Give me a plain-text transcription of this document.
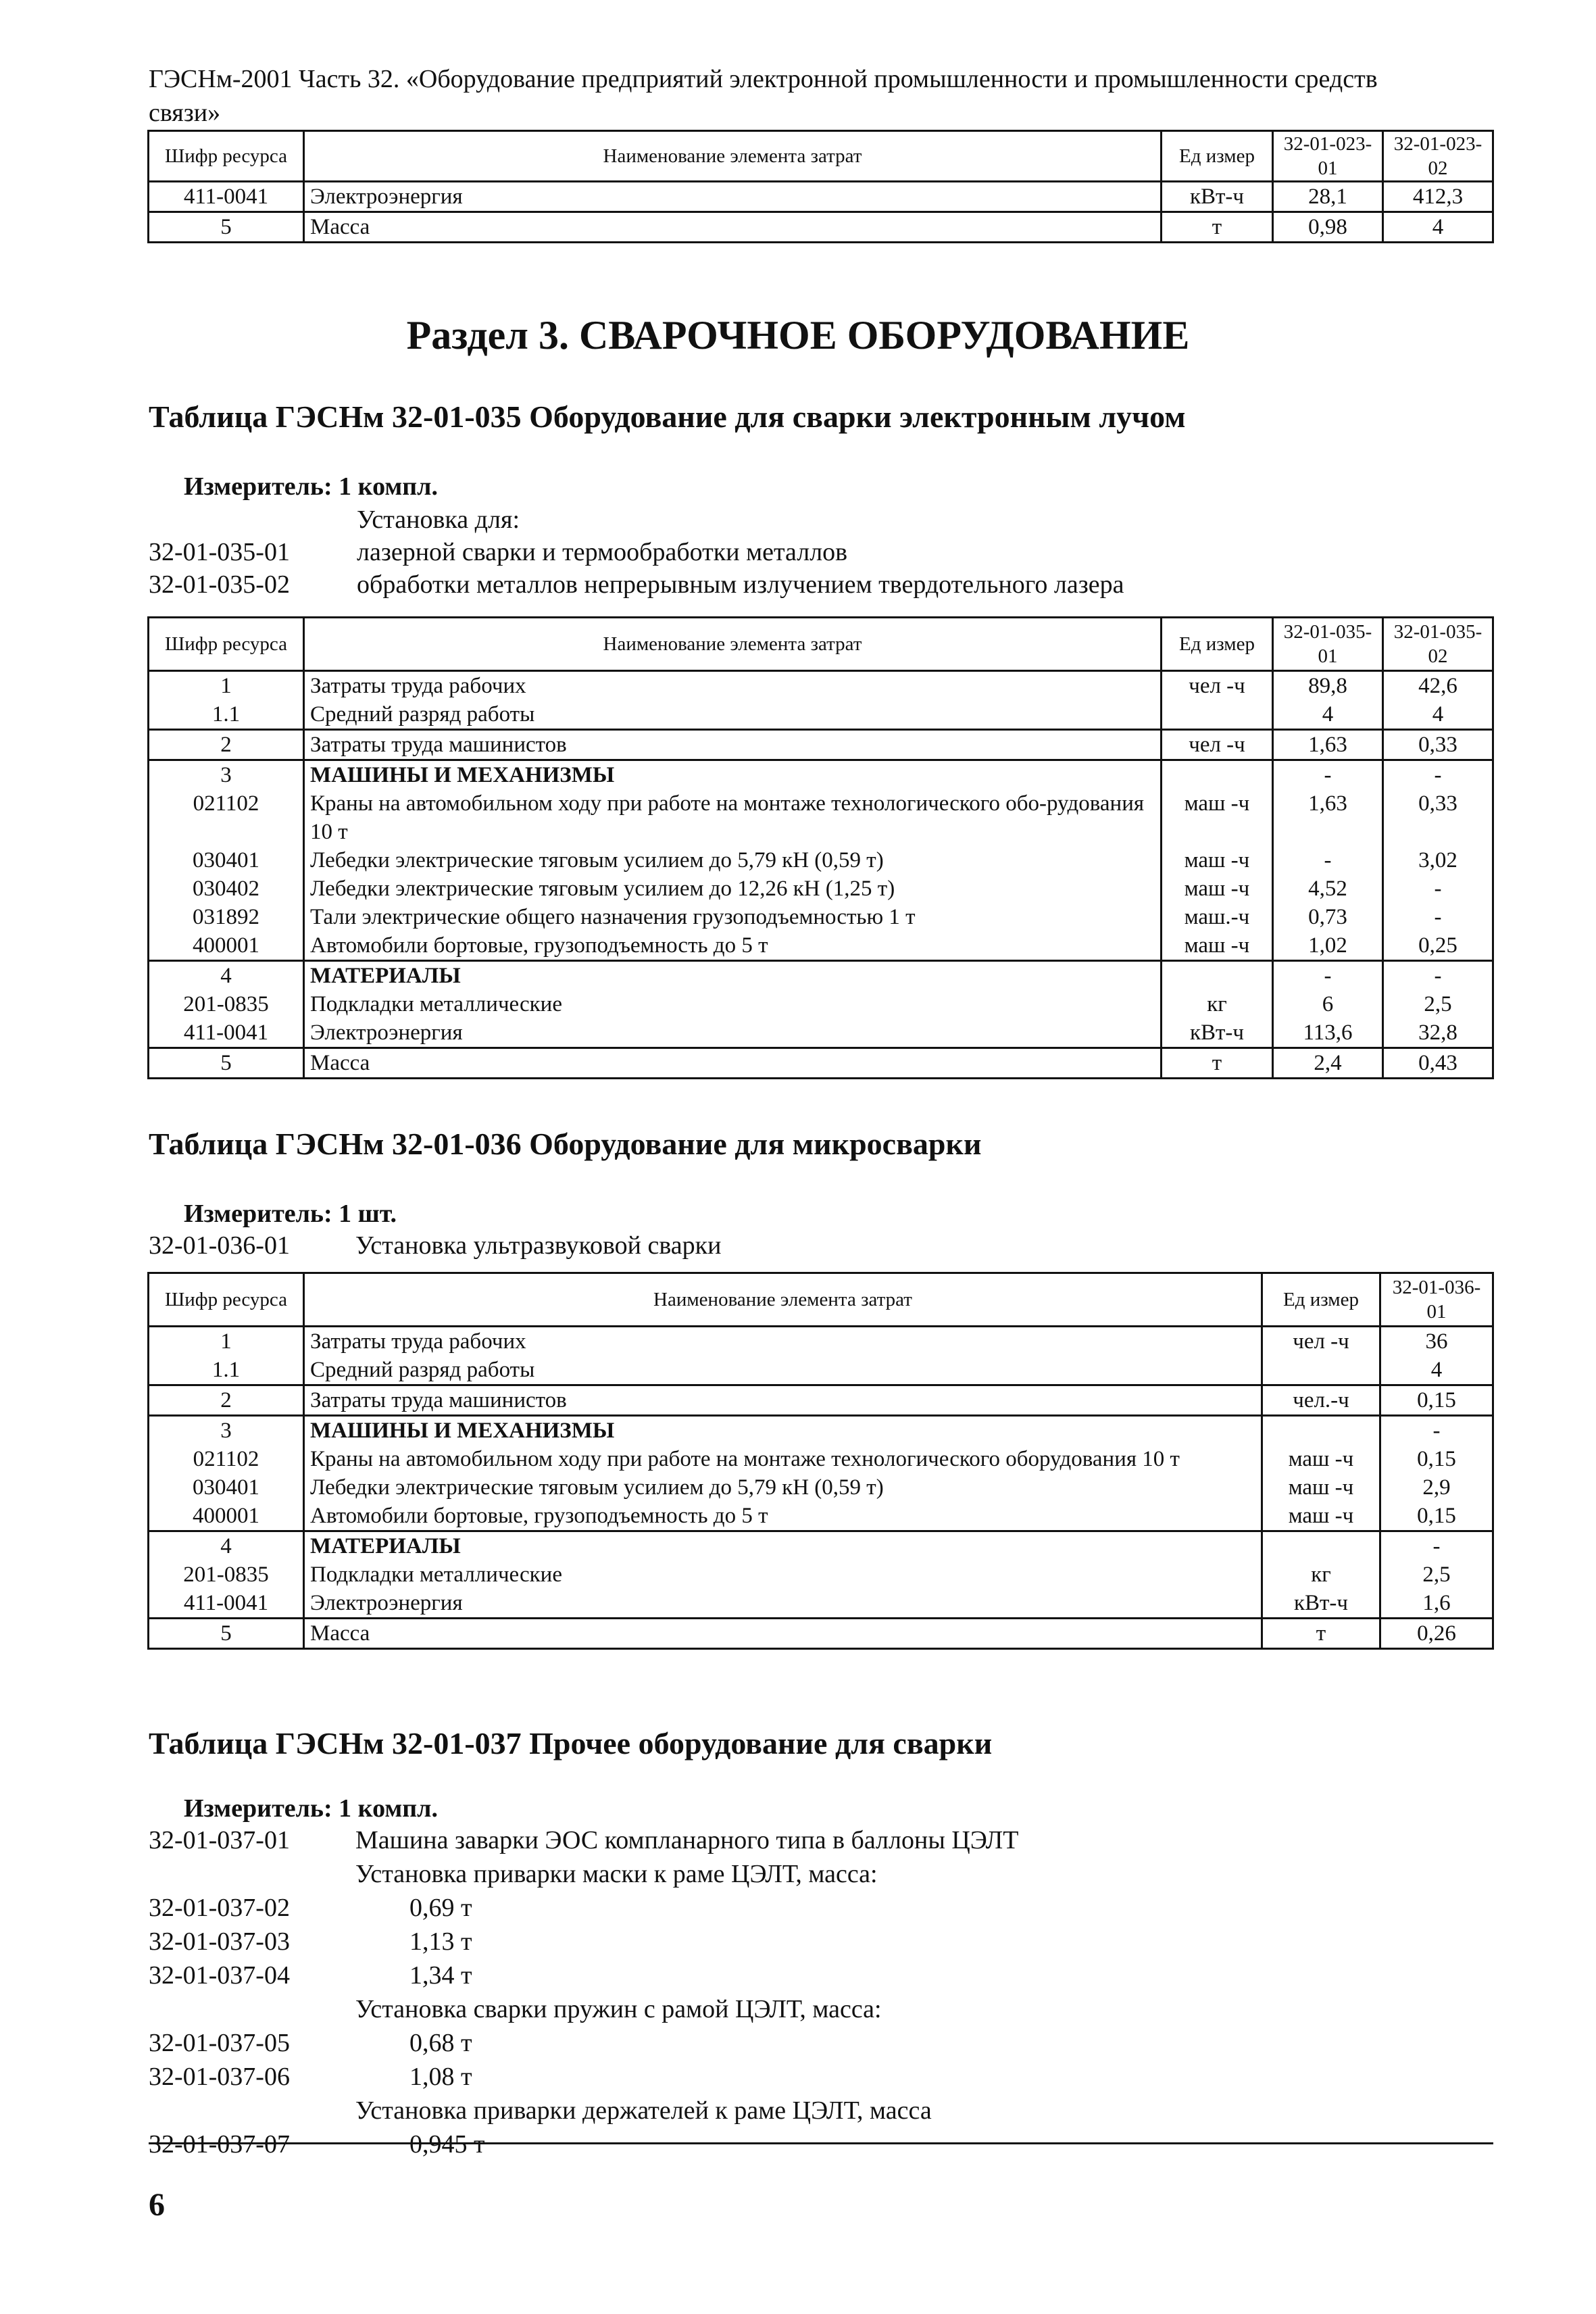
ГЭСНм-2001 Часть 32. «Оборудование предприятий электронной промышленности и промышленности средств
связи»
Шифр ресурса	Наименование элемента затрат	Ед измер	32-01-023-01	32-01-023-02
411-0041	Электроэнергия	кВт-ч	28,1	412,3
5	Масса	т	0,98	4
Раздел 3. СВАРОЧНОЕ ОБОРУДОВАНИЕ
Таблица ГЭСНм 32-01-035 Оборудование для сварки электронным лучом
Измеритель: 1 компл.
Установка для:
32-01-035-01	лазерной сварки и термообработки металлов
32-01-035-02	обработки металлов непрерывным излучением твердотельного лазера
Шифр ресурса	Наименование элемента затрат	Ед измер	32-01-035-01	32-01-035-02
1	Затраты труда рабочих	чел -ч	89,8	42,6
1.1	Средний разряд работы		4	4
2	Затраты труда машинистов	чел -ч	1,63	0,33
3	МАШИНЫ И МЕХАНИЗМЫ		-	-
021102	Краны на автомобильном ходу при работе на монтаже технологического обо-рудования 10 т	маш -ч	1,63	0,33
030401	Лебедки электрические тяговым усилием до 5,79 кН (0,59 т)	маш -ч	-	3,02
030402	Лебедки электрические тяговым усилием до 12,26 кН (1,25 т)	маш -ч	4,52	-
031892	Тали электрические общего назначения грузоподъемностью 1 т	маш.-ч	0,73	-
400001	Автомобили бортовые, грузоподъемность до 5 т	маш -ч	1,02	0,25
4	МАТЕРИАЛЫ		-	-
201-0835	Подкладки металлические	кг	6	2,5
411-0041	Электроэнергия	кВт-ч	113,6	32,8
5	Масса	т	2,4	0,43
Таблица ГЭСНм 32-01-036 Оборудование для микросварки
Измеритель: 1 шт.
32-01-036-01	Установка ультразвуковой сварки
Шифр ресурса	Наименование элемента затрат	Ед измер	32-01-036-01
1	Затраты труда рабочих	чел -ч	36
1.1	Средний разряд работы		4
2	Затраты труда машинистов	чел.-ч	0,15
3	МАШИНЫ И МЕХАНИЗМЫ		-
021102	Краны на автомобильном ходу при работе на монтаже технологического оборудования 10 т	маш -ч	0,15
030401	Лебедки электрические тяговым усилием до 5,79 кН (0,59 т)	маш -ч	2,9
400001	Автомобили бортовые, грузоподъемность до 5 т	маш -ч	0,15
4	МАТЕРИАЛЫ		-
201-0835	Подкладки металлические	кг	2,5
411-0041	Электроэнергия	кВт-ч	1,6
5	Масса	т	0,26
Таблица ГЭСНм 32-01-037 Прочее оборудование для сварки
Измеритель: 1 компл.
32-01-037-01	Машина заварки ЭОС компланарного типа в баллоны ЦЭЛТ
Установка приварки маски к раме ЦЭЛТ, масса:
32-01-037-02	0,69 т
32-01-037-03	1,13 т
32-01-037-04	1,34 т
Установка сварки пружин с рамой ЦЭЛТ, масса:
32-01-037-05	0,68 т
32-01-037-06	1,08 т
Установка приварки держателей к раме ЦЭЛТ, масса
32-01-037-07	0,945 т
6
